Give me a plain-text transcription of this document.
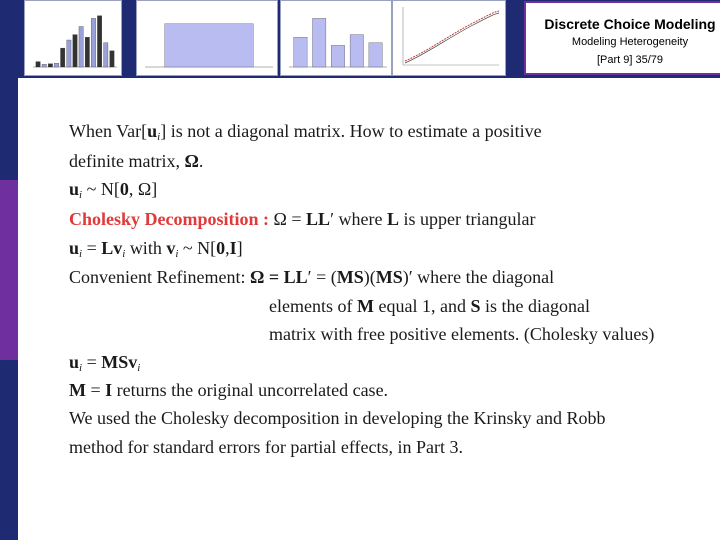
Discrete Choice Modeling
Modeling Heterogeneity
[Part 9] 35/79
When $Var[u_i]$ is not a diagonal matrix. How to estimate a positive
definite matrix, Ω.
$u_i$ ~ N[0, Ω]
Cholesky Decomposition : Ω = LL′ where L is upper triangular
$u_i = Lv_i$ with $v_i$ ~ N[0,I]
Convenient Refinement: Ω = LL′ = (MS)(MS)′ where the diagonal
elements of M equal 1, and S is the diagonal
matrix with free positive elements. (Cholesky values)
$u_i = MSv_i$
M = I returns the original uncorrelated case.
We used the Cholesky decomposition in developing the Krinsky and Robb
method for standard errors for partial effects, in Part 3.
